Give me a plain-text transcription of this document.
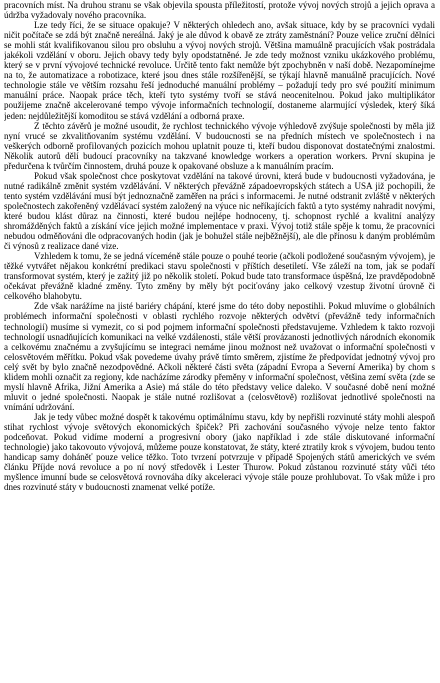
pracovních míst. Na druhou stranu se však objevila spousta příležitostí, protože vývoj nových strojů a jejich oprava a údržba vyžadovaly nového pracovníka.

Lze tedy říci, že se situace opakuje? V některých ohledech ano, avšak situace, kdy by se pracovníci vydali ničit počítače se zdá být značně nereálná. Jaký je ale důvod k obavě ze ztráty zaměstnání? Pouze velice zruční dělníci se mohli stát kvalifikovanou silou pro obsluhu a vývoj nových strojů. Většina mamuálně pracujících však postrádala jakékoli vzdělání v oboru. Jejich obavy tedy byly opodstatněné. Je zde tedy možnost vzniku ukázkového problému, který se v první vývojové technické revoluce. Určitě tento fakt nemůže být zpochybněn v naší době. Nezapomínejme na to, že automatizace a robotizace, které jsou dnes stále rozšířenější, se týkají hlavně manuálně pracujících. Nové technologie stále ve větším rozsahu řeší jednoduché manuální problémy – požadují tedy pro své použití minimum manuální práce. Naopak práce těch, kteří tyto systémy tvoří se stává neocenitelnou. Pokud jako multiplikátor použijeme značně akcelerované tempo vývoje informačních technologií, dostaneme alarmující výsledek, který šíká jeden: nejdůležitější komoditou se stává vzdělání a odborná praxe.

Z těchto závěrů je možné usoudit, že rychlost technického vývoje výhledově zvýšuje společnosti by měla již nyní vrucé se zkvalitňovaním systému vzdělání. V budoucnosti se na předních místech ve společnostech i na veškerých odborně profilovaných pozicích mohou uplatnit pouze ti, kteří budou disponovat dostatečnými znalostmi. Několik autorů dělí budoucí pracovníky na takzvané knowledge workers a operation workers. První skupina je předurčena k tvůrčím činnostem, druhá pouze k opakované obsluze a k manuálním pracím.

Pokud však společnost chce poskytovat vzdělání na takové úrovni, která bude v budoucnosti vyžadována, je nutné radikálně změnit systém vzdělávání. V některých převážně západoevropských státech a USA již pochopili, že tento systém vzdělávání musí být jednoznačně zaměřen na práci s informacemi. Je nutné odstranit zvláště v některých společnostech zakořeněný vzdělávací systém založený na výuce nic neříkajících faktů a tyto systémy nahradit novými, které budou klást důraz na činnosti, které budou nejlépe hodnoceny, tj. schopnost rychlé a kvalitní analýzy shromážděných faktů a získání více jejich možné implementace v praxi. Vývoj totiž stále spěje k tomu, že pracovníci nebudou odměňováni dle odpracovaných hodin (jak je bohužel stále nejběžnější), ale dle přínosu k daným problémům či výnosů z realizace dané vize.

Vzhledem k tomu, že se jedná víceméně stále pouze o pouhé teorie (ačkoli podložené současným vývojem), je těžké vytvářet nějakou konkrétní predikaci stavu společnosti v příštích desetiletí. Vše záleží na tom, jak se podaří transformovat systém, který je zažitý již po několik století. Pokud bude tato transformace úspěšná, lze pravděpodobně očekávat převážně kladné změny. Tyto změny by měly být pociťovány jako celkový vzestup životní úrovně či celkového blahobytu.

Zde však narážíme na jisté bariéry chápání, které jsme do této doby nepostihli. Pokud mluvíme o globálních problémech informační společnosti v oblasti rychlého rozvoje některých odvětví (převážně tedy informačních technologií) musíme si vymezit, co si pod pojmem informační společnosti představujeme. Vzhledem k takto rozvoji technologií usnadňujících komunikaci na velké vzdálenosti, stále větší provázanosti jednotlivých národních ekonomik a celkovému značnému a zvyšujícímu se integraci nemáme jinou možnost než uvažovat o informační společnosti v celosvětovém měřítku. Pokud však povedeme úvahy právě tímto směrem, zjistíme že předpovídat jednotný vývoj pro celý svět by bylo značně nezodpovědné. Ačkoli některé části světa (západní Evropa a Severní Amerika) by chom s klidem mohli označit za regiony, kde nacházíme zárodky přeměny v informační společnost, většina zemí světa (zde se myslí hlavně Afrika, Jižní Amerika a Asie) má stále do této představy velice daleko. V současné době není možné mluvit o jedné společnosti. Naopak je stále nutné rozlišovat a (celosvětově) rozlišovat jednotlivé společnosti na vnímání udržování.

Jak je tedy vůbec možné dospět k takovému optimálnímu stavu, kdy by nepřišli rozvinuté státy mohli alespoň stihat rychlost vývoje světových ekonomických špiček? Při zachování současného vývoje nelze tento faktor podceňovat. Pokud vidíme moderní a progresivní obory (jako například i zde stále diskutované informační technologie) jako takovouto vývojová, můžeme pouze konstatovat, že státy, které ztratily krok s vývojem, budou tento handicap samy doháněť pouze velice těžko. Toto tvrzení potvrzuje v případě Spojených států amerických ve svém článku Příjde nová revoluce a po ní nový středověk i Lester Thurow. Pokud zůstanou rozvinuté státy vůči této myšlence imunní bude se celosvětová rovnováha díky akceleraci vývoje stále pouze prohlubovat. To však může i pro dnes rozvinuté státy v budoucnosti znamenat velké potíže.
